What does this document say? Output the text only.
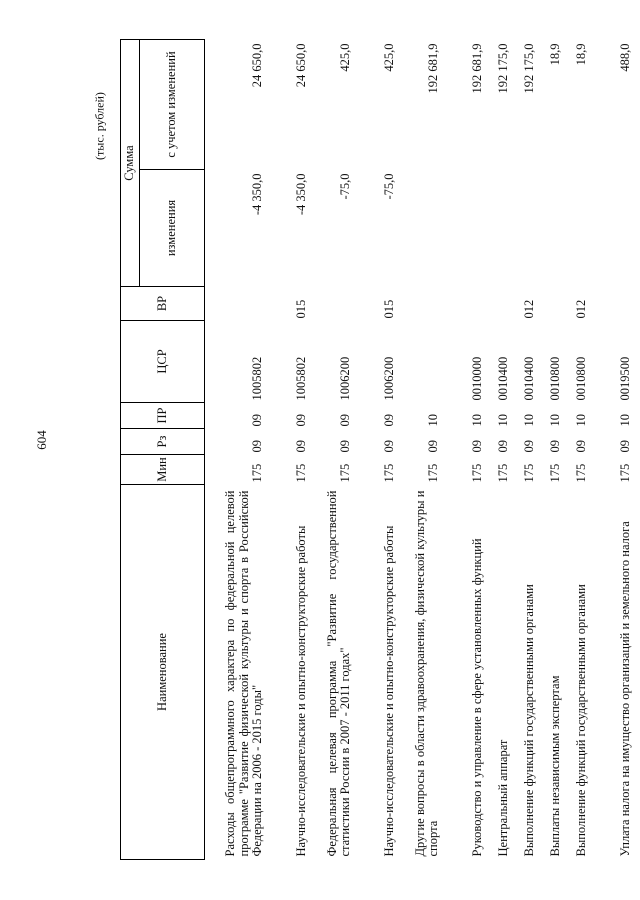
604
(тыс. рублей)
Наименование	Мин	Рз	ПР	ЦСР	ВР	Сумма	
						изменения	с учетом изменений
Расходы общепрограммного характера по федеральной целевой программе "Развитие физической культуры и спорта в Российской Федерации на 2006 - 2015 годы"	175	09	09	1005802		-4 350,0	24 650,0
Научно-исследовательские и опытно-конструкторские работы	175	09	09	1005802	015	-4 350,0	24 650,0
Федеральная целевая программа "Развитие государственной статистики России в 2007 - 2011 годах"	175	09	09	1006200		-75,0	425,0
Научно-исследовательские и опытно-конструкторские работы	175	09	09	1006200	015	-75,0	425,0
Другие вопросы в области здравоохранения, физической культуры и спорта	175	09	10				192 681,9
Руководство и управление в сфере установленных функций	175	09	10	0010000			192 681,9
Центральный аппарат	175	09	10	0010400			192 175,0
Выполнение функций государственными органами	175	09	10	0010400	012		192 175,0
Выплаты независимым экспертам	175	09	10	0010800			18,9
Выполнение функций государственными органами	175	09	10	0010800	012		18,9
Уплата налога на имущество организаций и земельного налога	175	09	10	0019500			488,0
